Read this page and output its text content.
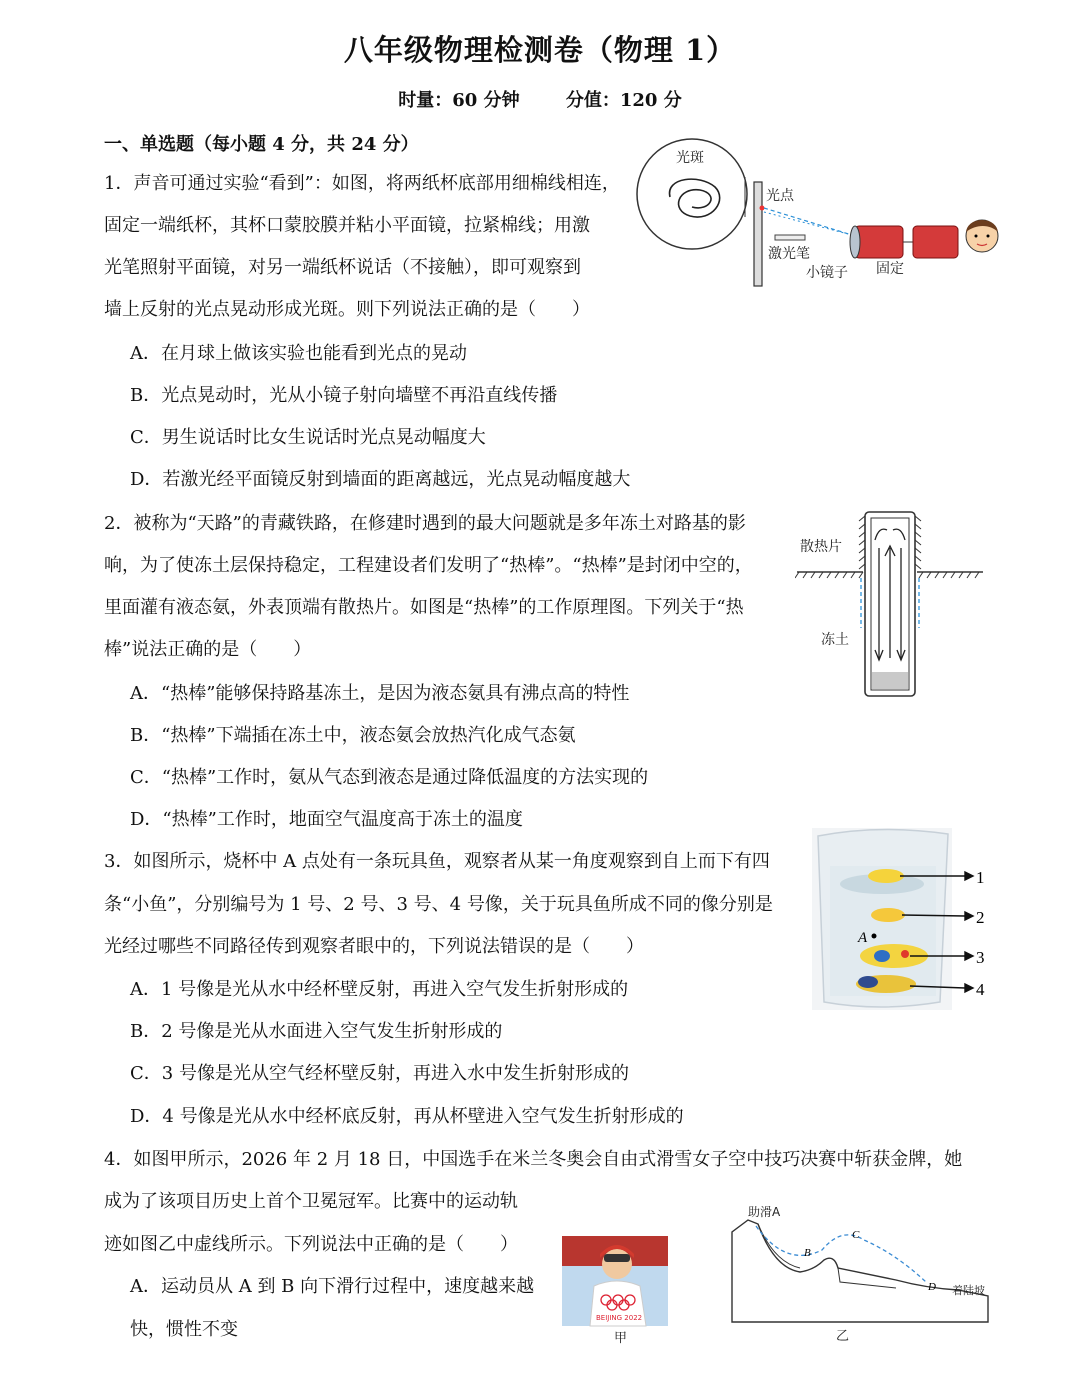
八年级物理检测卷（物理 1）
时量：60 分钟	分值：120 分
一、单选题（每小题 4 分，共 24 分）
1．声音可通过实验“看到”：如图，将两纸杯底部用细棉线相连，
固定一端纸杯，其杯口蒙胶膜并粘小平面镜，拉紧棉线；用激
光笔照射平面镜，对另一端纸杯说话（不接触），即可观察到
墙上反射的光点晃动形成光斑。则下列说法正确的是（　　）
A．在月球上做该实验也能看到光点的晃动
B．光点晃动时，光从小镜子射向墙壁不再沿直线传播
C．男生说话时比女生说话时光点晃动幅度大
D．若激光经平面镜反射到墙面的距离越远，光点晃动幅度越大
光斑
光点
激光笔
小镜子 固定
2．被称为“天路”的青藏铁路，在修建时遇到的最大问题就是多年冻土对路基的影
响，为了使冻土层保持稳定，工程建设者们发明了“热棒”。“热棒”是封闭中空的，
里面灌有液态氨，外表顶端有散热片。如图是“热棒”的工作原理图。下列关于“热
棒”说法正确的是（　　）
A．“热棒”能够保持路基冻土，是因为液态氨具有沸点高的特性
B．“热棒”下端插在冻土中，液态氨会放热汽化成气态氨
C．“热棒”工作时，氨从气态到液态是通过降低温度的方法实现的
D．“热棒”工作时，地面空气温度高于冻土的温度
散热片
冻土
3．如图所示，烧杯中 A 点处有一条玩具鱼，观察者从某一角度观察到自上而下有四
条“小鱼”，分别编号为 1 号、2 号、3 号、4 号像，关于玩具鱼所成不同的像分别是
光经过哪些不同路径传到观察者眼中的，下列说法错误的是（　　）
A．1 号像是光从水中经杯壁反射，再进入空气发生折射形成的
B．2 号像是光从水面进入空气发生折射形成的
C．3 号像是光从空气经杯壁反射，再进入水中发生折射形成的
D．4 号像是光从水中经杯底反射，再从杯壁进入空气发生折射形成的
A
1
2
3
4
4．如图甲所示，2026 年 2 月 18 日，中国选手在米兰冬奥会自由式滑雪女子空中技巧决赛中斩获金牌，她
成为了该项目历史上首个卫冕冠军。比赛中的运动轨
迹如图乙中虚线所示。下列说法中正确的是（　　）
A．运动员从 A 到 B 向下滑行过程中，速度越来越
快，惯性不变
BEIJING 2022
甲
助滑A
B
C
D 着陆坡
乙
